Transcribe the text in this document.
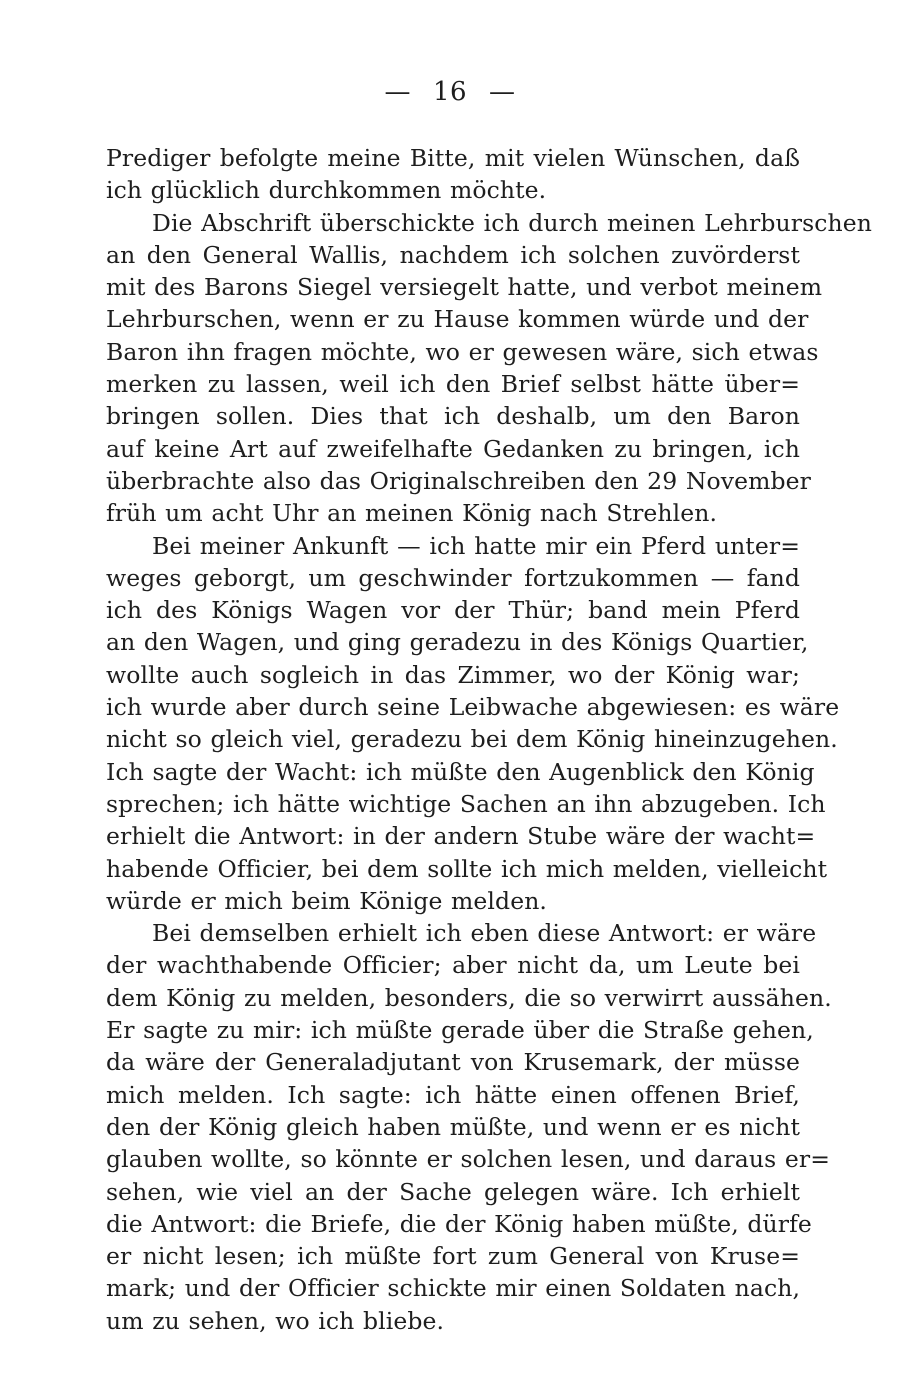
— 16 —
Prediger befolgte meine Bitte, mit vielen Wünschen, daß
ich glücklich durchkommen möchte.
Die Abschrift überschickte ich durch meinen Lehrburschen
an den General Wallis, nachdem ich solchen zuvörderst
mit des Barons Siegel versiegelt hatte, und verbot meinem
Lehrburschen, wenn er zu Hause kommen würde und der
Baron ihn fragen möchte, wo er gewesen wäre, sich etwas
merken zu lassen, weil ich den Brief selbst hätte über=
bringen sollen. Dies that ich deshalb, um den Baron
auf keine Art auf zweifelhafte Gedanken zu bringen, ich
überbrachte also das Originalschreiben den 29 November
früh um acht Uhr an meinen König nach Strehlen.
Bei meiner Ankunft — ich hatte mir ein Pferd unter=
weges geborgt, um geschwinder fortzukommen — fand
ich des Königs Wagen vor der Thür; band mein Pferd
an den Wagen, und ging geradezu in des Königs Quartier,
wollte auch sogleich in das Zimmer, wo der König war;
ich wurde aber durch seine Leibwache abgewiesen: es wäre
nicht so gleich viel, geradezu bei dem König hineinzugehen.
Ich sagte der Wacht: ich müßte den Augenblick den König
sprechen; ich hätte wichtige Sachen an ihn abzugeben. Ich
erhielt die Antwort: in der andern Stube wäre der wacht=
habende Officier, bei dem sollte ich mich melden, vielleicht
würde er mich beim Könige melden.
Bei demselben erhielt ich eben diese Antwort: er wäre
der wachthabende Officier; aber nicht da, um Leute bei
dem König zu melden, besonders, die so verwirrt aussähen.
Er sagte zu mir: ich müßte gerade über die Straße gehen,
da wäre der Generaladjutant von Krusemark, der müsse
mich melden. Ich sagte: ich hätte einen offenen Brief,
den der König gleich haben müßte, und wenn er es nicht
glauben wollte, so könnte er solchen lesen, und daraus er=
sehen, wie viel an der Sache gelegen wäre. Ich erhielt
die Antwort: die Briefe, die der König haben müßte, dürfe
er nicht lesen; ich müßte fort zum General von Kruse=
mark; und der Officier schickte mir einen Soldaten nach,
um zu sehen, wo ich bliebe.
